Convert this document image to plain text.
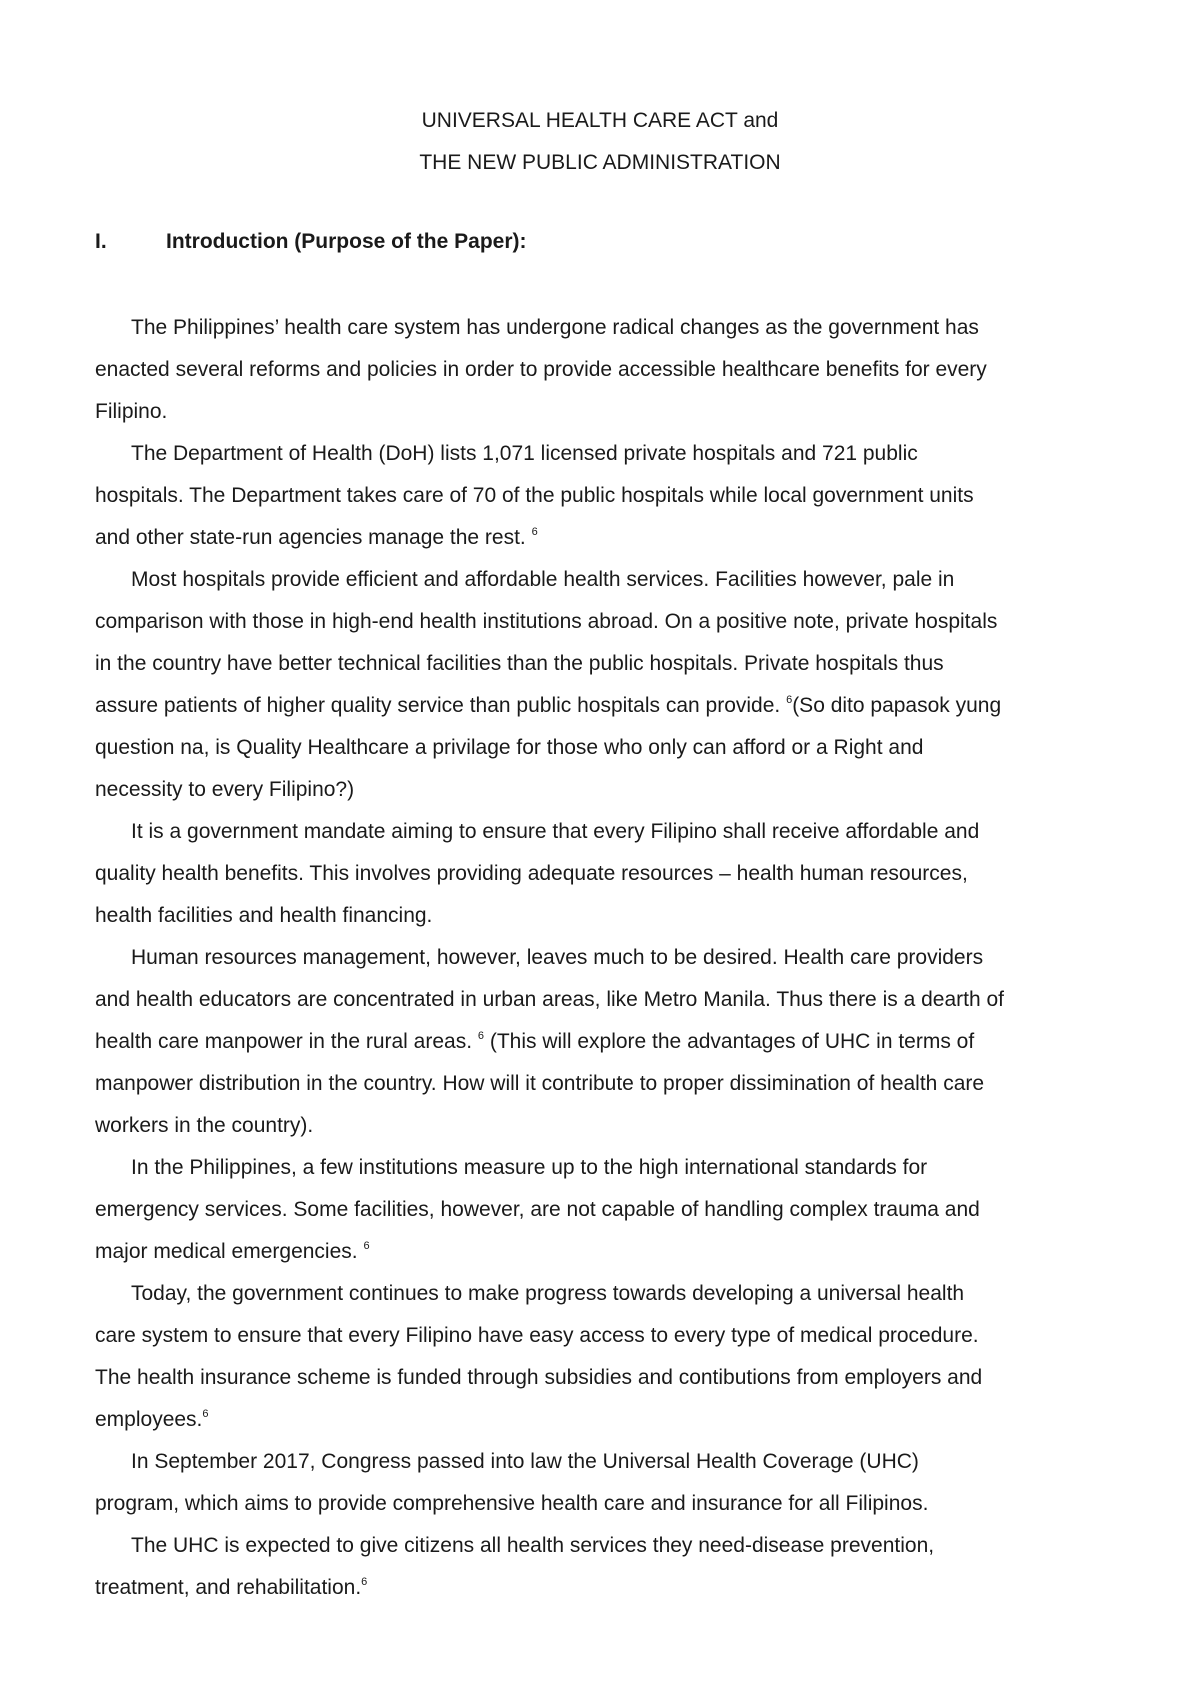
UNIVERSAL HEALTH CARE ACT and
THE NEW PUBLIC ADMINISTRATION
I.	Introduction (Purpose of the Paper):
The Philippines’ health care system has undergone radical changes as the government has
enacted several reforms and policies in order to provide accessible healthcare benefits for every
Filipino.
The Department of Health (DoH) lists 1,071 licensed private hospitals and 721 public
hospitals. The Department takes care of 70 of the public hospitals while local government units
and other state-run agencies manage the rest. $^6$
Most hospitals provide efficient and affordable health services. Facilities however, pale in
comparison with those in high-end health institutions abroad. On a positive note, private hospitals
in the country have better technical facilities than the public hospitals. Private hospitals thus
assure patients of higher quality service than public hospitals can provide. $^6$(So dito papasok yung
question na, is Quality Healthcare a privilage for those who only can afford or a Right and
necessity to every Filipino?)
It is a government mandate aiming to ensure that every Filipino shall receive affordable and
quality health benefits. This involves providing adequate resources – health human resources,
health facilities and health financing.
Human resources management, however, leaves much to be desired. Health care providers
and health educators are concentrated in urban areas, like Metro Manila. Thus there is a dearth of
health care manpower in the rural areas. $^6$ (This will explore the advantages of UHC in terms of
manpower distribution in the country. How will it contribute to proper dissimination of health care
workers in the country).
In the Philippines, a few institutions measure up to the high international standards for
emergency services. Some facilities, however, are not capable of handling complex trauma and
major medical emergencies. $^6$
Today, the government continues to make progress towards developing a universal health
care system to ensure that every Filipino have easy access to every type of medical procedure.
The health insurance scheme is funded through subsidies and contibutions from employers and
employees.$^6$
In September 2017, Congress passed into law the Universal Health Coverage (UHC)
program, which aims to provide comprehensive health care and insurance for all Filipinos.
The UHC is expected to give citizens all health services they need-disease prevention,
treatment, and rehabilitation.$^6$
